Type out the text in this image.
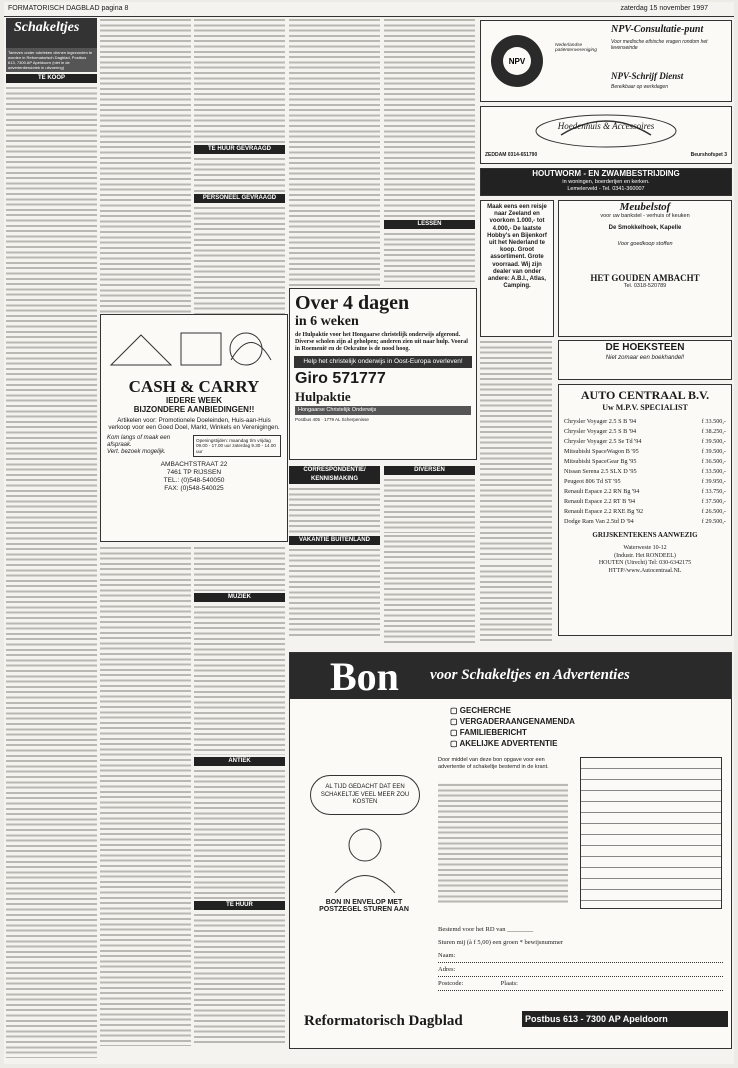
FORMATORISCH DAGBLAD pagina 8	zaterdag 15 november 1997
Schakeltjes
Tarieven onder rubrieken clienen ingezonden te worden in Reformatorisch Dagblad, Postbus 613, 7300 AP Apeldoorn (niet in de advertentierubriek in uitvoering)
TE KOOP
TE HUUR GEVRAAGD
PERSONEEL GEVRAAGD
CASH & CARRY
IEDERE WEEK
BIJZONDERE AANBIEDINGEN!!
Artikelen voor: Promotionele Doeleinden, Huis-aan-Huis verkoop voor een Goed Doel, Markt, Winkels en Verenigingen.
Kom langs of maak een afspraak.
Vert. bezoek mogelijk.
Openingstijden: maandag t/m vrijdag 09.00 - 17.00 uur zaterdag 9.30 - 14.00 uur
AMBACHTSTRAAT 22
7461 TP RIJSSEN
TEL.: (0)548-540050
FAX: (0)548-540025
MUZIEK
ANTIEK
TE HUUR
LESSEN
Over 4 dagen
in 6 weken
de Hulpaktie voor het Hongaarse christelijk onderwijs afgerond. Diverse scholen zijn al geholpen; anderen zien uit naar hulp. Vooral in Roemenië en de Oekraïne is de nood hoog.
Help het christelijk onderwijs in Oost-Europa overleven!
Giro 571777
Hulpaktie
Hongaarse Christelijk Onderwijs
Postbus 405 · 1779 AL Scherpenisse
CORRESPONDENTIE/ KENNISMAKING
DIVERSEN
VAKANTIE BUITENLAND
NPV
Nederlandse patiëntenvereniging
NPV-Consultatie-punt
Voor medische ethische vragen rondom het levenseinde
NPV-Schrijf Dienst
Bereikbaar op werkdagen
Hoedenhuis & Accessoires
ZEDDAM 0314-651790	Beurshofspet 3
HOUTWORM - EN ZWAMBESTRIJDING
in woningen, boerderijen en kerken.
Lemelerveld - Tel. 0341-360007
Maak eens een reisje naar Zeeland en voorkom 1.000,- tot 4.000,- De laatste Hobby's en Bijenkorf uit het Nederland te koop. Groot assortiment. Grote voorraad. Wij zijn dealer van onder andere: A.B.I., Atlas, Camping.
Meubelstof
voor uw bankstel - verhuis of keuken
De Smokkelhoek, Kapelle
Voor goedkoop stoffen
HET GOUDEN AMBACHT
Tel. 0318-520789
DE HOEKSTEEN
Niet zomaar een boekhandel!
AUTO CENTRAAL B.V.
Uw M.P.V. SPECIALIST
Chrysler Voyager 2.5 S B '94	f 33.500,-
Chrysler Voyager 2.5 S B '94	f 38.250,-
Chrysler Voyager 2.5 Se Td '94	f 39.500,-
Mitsubishi SpaceWagon B '95	f 39.500,-
Mitsubishi SpaceGear Bg '95	f 36.500,-
Nissan Serena 2.5 SLX D '95	f 33.500,-
Peugeot 806 Td ST '95	f 39.950,-
Renault Espace 2.2 RN Bg '94	f 33.750,-
Renault Espace 2.2 RT B '94	f 37.500,-
Renault Espace 2.2 RXE Bg '92	f 26.500,-
Dodge Ram Van 2.5td D '94	f 29.500,-
GRIJSKENTEKENS AANWEZIG
Waterweste 10-12
(Industr. Het RONDEEL)
HOUTEN (Utrecht) Tel: 030-6342175
HTTP//www.Autocentraal.NL
Bon voor Schakeltjes en Advertenties
▢ GECHERCHE
▢ VERGADERAANGENAMENDA
▢ FAMILIEBERICHT
▢ AKELIJKE ADVERTENTIE
Door middel van deze bon opgave voor een advertentie of schakeltje bestemd in de krant.
AL TIJD GEDACHT DAT EEN SCHAKELTJE VEEL MEER ZOU KOSTEN
BON IN ENVELOP MET POSTZEGEL STUREN AAN
Bestemd voor het RD van ________
Sturen mij (à f 5,00) een groen * bewijsnummer
Naam:
Adres:
Postcode:	Plaats:
Reformatorisch Dagblad	Postbus 613 - 7300 AP Apeldoorn
